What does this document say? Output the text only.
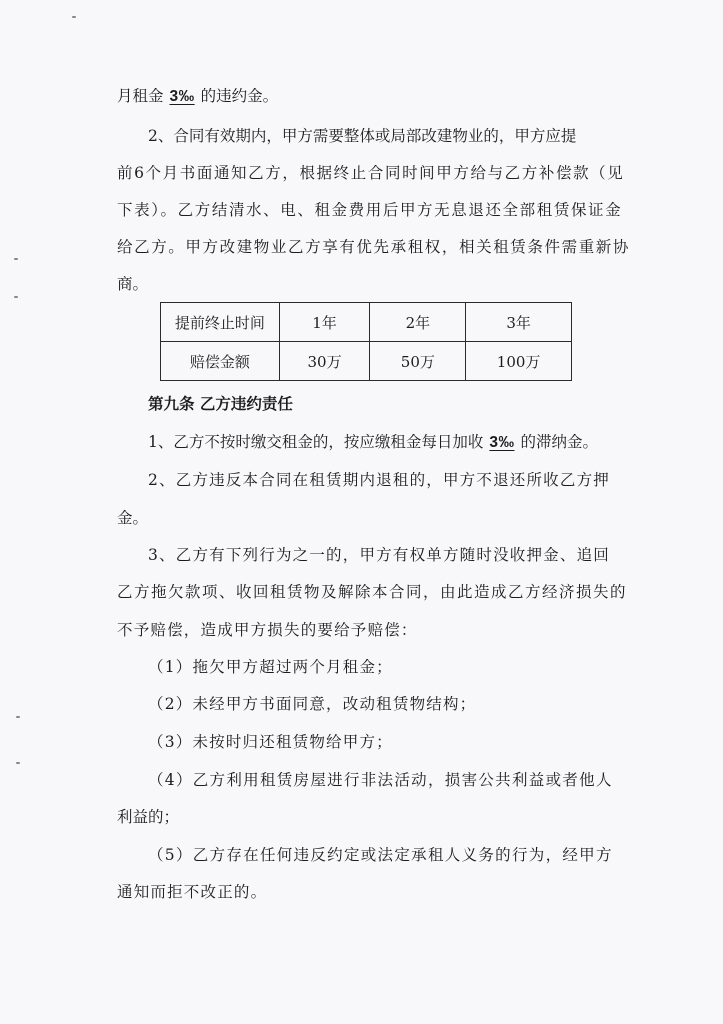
月租金 3‰ 的违约金。
2、合同有效期内，甲方需要整体或局部改建物业的，甲方应提
前6个月书面通知乙方，根据终止合同时间甲方给与乙方补偿款（见
下表）。乙方结清水、电、租金费用后甲方无息退还全部租赁保证金
给乙方。甲方改建物业乙方享有优先承租权，相关租赁条件需重新协
商。
提前终止时间	1年	2年	3年
赔偿金额	30万	50万	100万
第九条 乙方违约责任
1、乙方不按时缴交租金的，按应缴租金每日加收 3‰ 的滞纳金。
2、乙方违反本合同在租赁期内退租的，甲方不退还所收乙方押
金。
3、乙方有下列行为之一的，甲方有权单方随时没收押金、追回
乙方拖欠款项、收回租赁物及解除本合同，由此造成乙方经济损失的
不予赔偿，造成甲方损失的要给予赔偿：
（1）拖欠甲方超过两个月租金；
（2）未经甲方书面同意，改动租赁物结构；
（3）未按时归还租赁物给甲方；
（4）乙方利用租赁房屋进行非法活动，损害公共利益或者他人
利益的；
（5）乙方存在任何违反约定或法定承租人义务的行为，经甲方
通知而拒不改正的。
